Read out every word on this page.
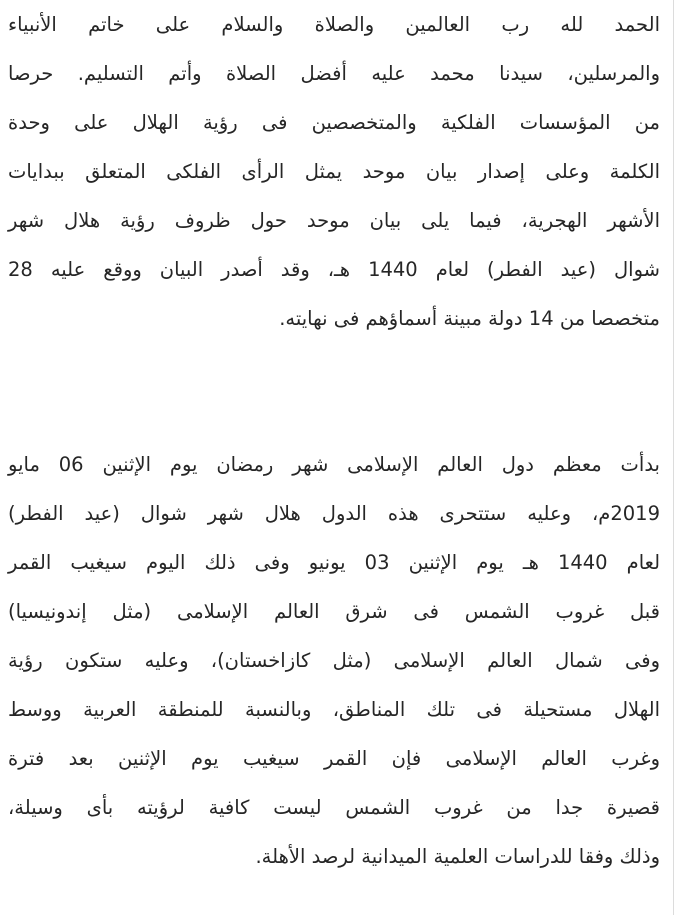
الحمد لله رب العالمين والصلاة والسلام على خاتم الأنبياء
والمرسلين، سيدنا محمد عليه أفضل الصلاة وأتم التسليم. حرصا
من المؤسسات الفلكية والمتخصصين فى رؤية الهلال على وحدة
الكلمة وعلى إصدار بيان موحد يمثل الرأى الفلكى المتعلق ببدايات
الأشهر الهجرية، فيما يلى بيان موحد حول ظروف رؤية هلال شهر
شوال (عيد الفطر) لعام 1440 هـ، وقد أصدر البيان ووقع عليه 28
متخصصا من 14 دولة مبينة أسماؤهم فى نهايته.
بدأت معظم دول العالم الإسلامى شهر رمضان يوم الإثنين 06 مايو
2019م، وعليه ستتحرى هذه الدول هلال شهر شوال (عيد الفطر)
لعام 1440 هـ يوم الإثنين 03 يونيو وفى ذلك اليوم سيغيب القمر
قبل غروب الشمس فى شرق العالم الإسلامى (مثل إندونيسيا)
وفى شمال العالم الإسلامى (مثل كازاخستان)، وعليه ستكون رؤية
الهلال مستحيلة فى تلك المناطق، وبالنسبة للمنطقة العربية ووسط
وغرب العالم الإسلامى فإن القمر سيغيب يوم الإثنين بعد فترة
قصيرة جدا من غروب الشمس ليست كافية لرؤيته بأى وسيلة،
وذلك وفقا للدراسات العلمية الميدانية لرصد الأهلة.
